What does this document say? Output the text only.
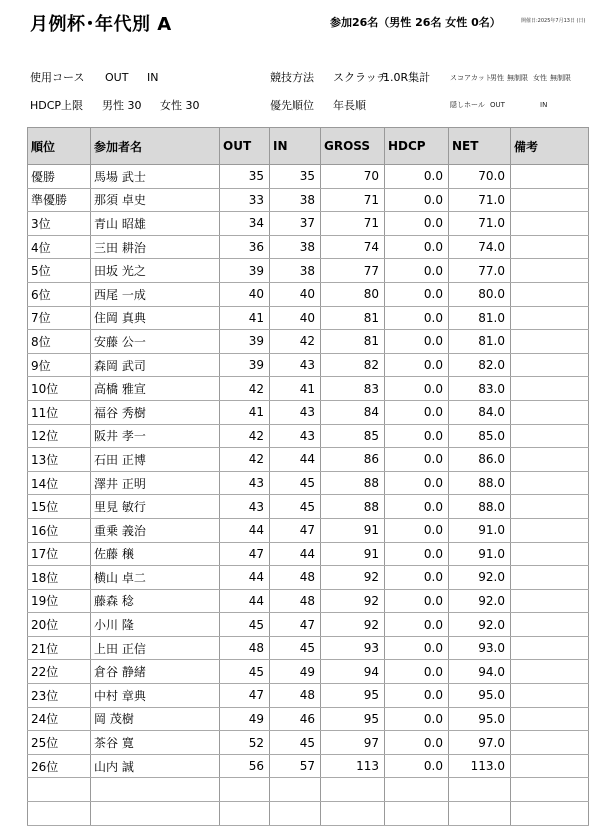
月例杯･年代別 A	参加26名（男性 26名 女性 0名）	開催日:2025年7月13日 (日)
使用コース OUT IN	競技方法 スクラッチ1.0R集計	スコアカット男性 無制限 女性 無制限
HDCP上限 男性 30 女性 30	優先順位 年長順	隠しホール OUT	IN
順位	参加者名	OUT	IN	GROSS	HDCP	NET	備考
優勝	馬場 武士	35	35	70	0.0	70.0	
準優勝	那須 卓史	33	38	71	0.0	71.0	
3位	青山 昭雄	34	37	71	0.0	71.0	
4位	三田 耕治	36	38	74	0.0	74.0	
5位	田坂 光之	39	38	77	0.0	77.0	
6位	西尾 一成	40	40	80	0.0	80.0	
7位	住岡 真典	41	40	81	0.0	81.0	
8位	安藤 公一	39	42	81	0.0	81.0	
9位	森岡 武司	39	43	82	0.0	82.0	
10位	高橋 雅宣	42	41	83	0.0	83.0	
11位	福谷 秀樹	41	43	84	0.0	84.0	
12位	阪井 孝一	42	43	85	0.0	85.0	
13位	石田 正博	42	44	86	0.0	86.0	
14位	澤井 正明	43	45	88	0.0	88.0	
15位	里見 敏行	43	45	88	0.0	88.0	
16位	重乗 義治	44	47	91	0.0	91.0	
17位	佐藤 穣	47	44	91	0.0	91.0	
18位	横山 卓二	44	48	92	0.0	92.0	
19位	藤森 稔	44	48	92	0.0	92.0	
20位	小川 隆	45	47	92	0.0	92.0	
21位	上田 正信	48	45	93	0.0	93.0	
22位	倉谷 静緒	45	49	94	0.0	94.0	
23位	中村 章典	47	48	95	0.0	95.0	
24位	岡 茂樹	49	46	95	0.0	95.0	
25位	茶谷 寛	52	45	97	0.0	97.0	
26位	山内 誠	56	57	113	0.0	113.0	
